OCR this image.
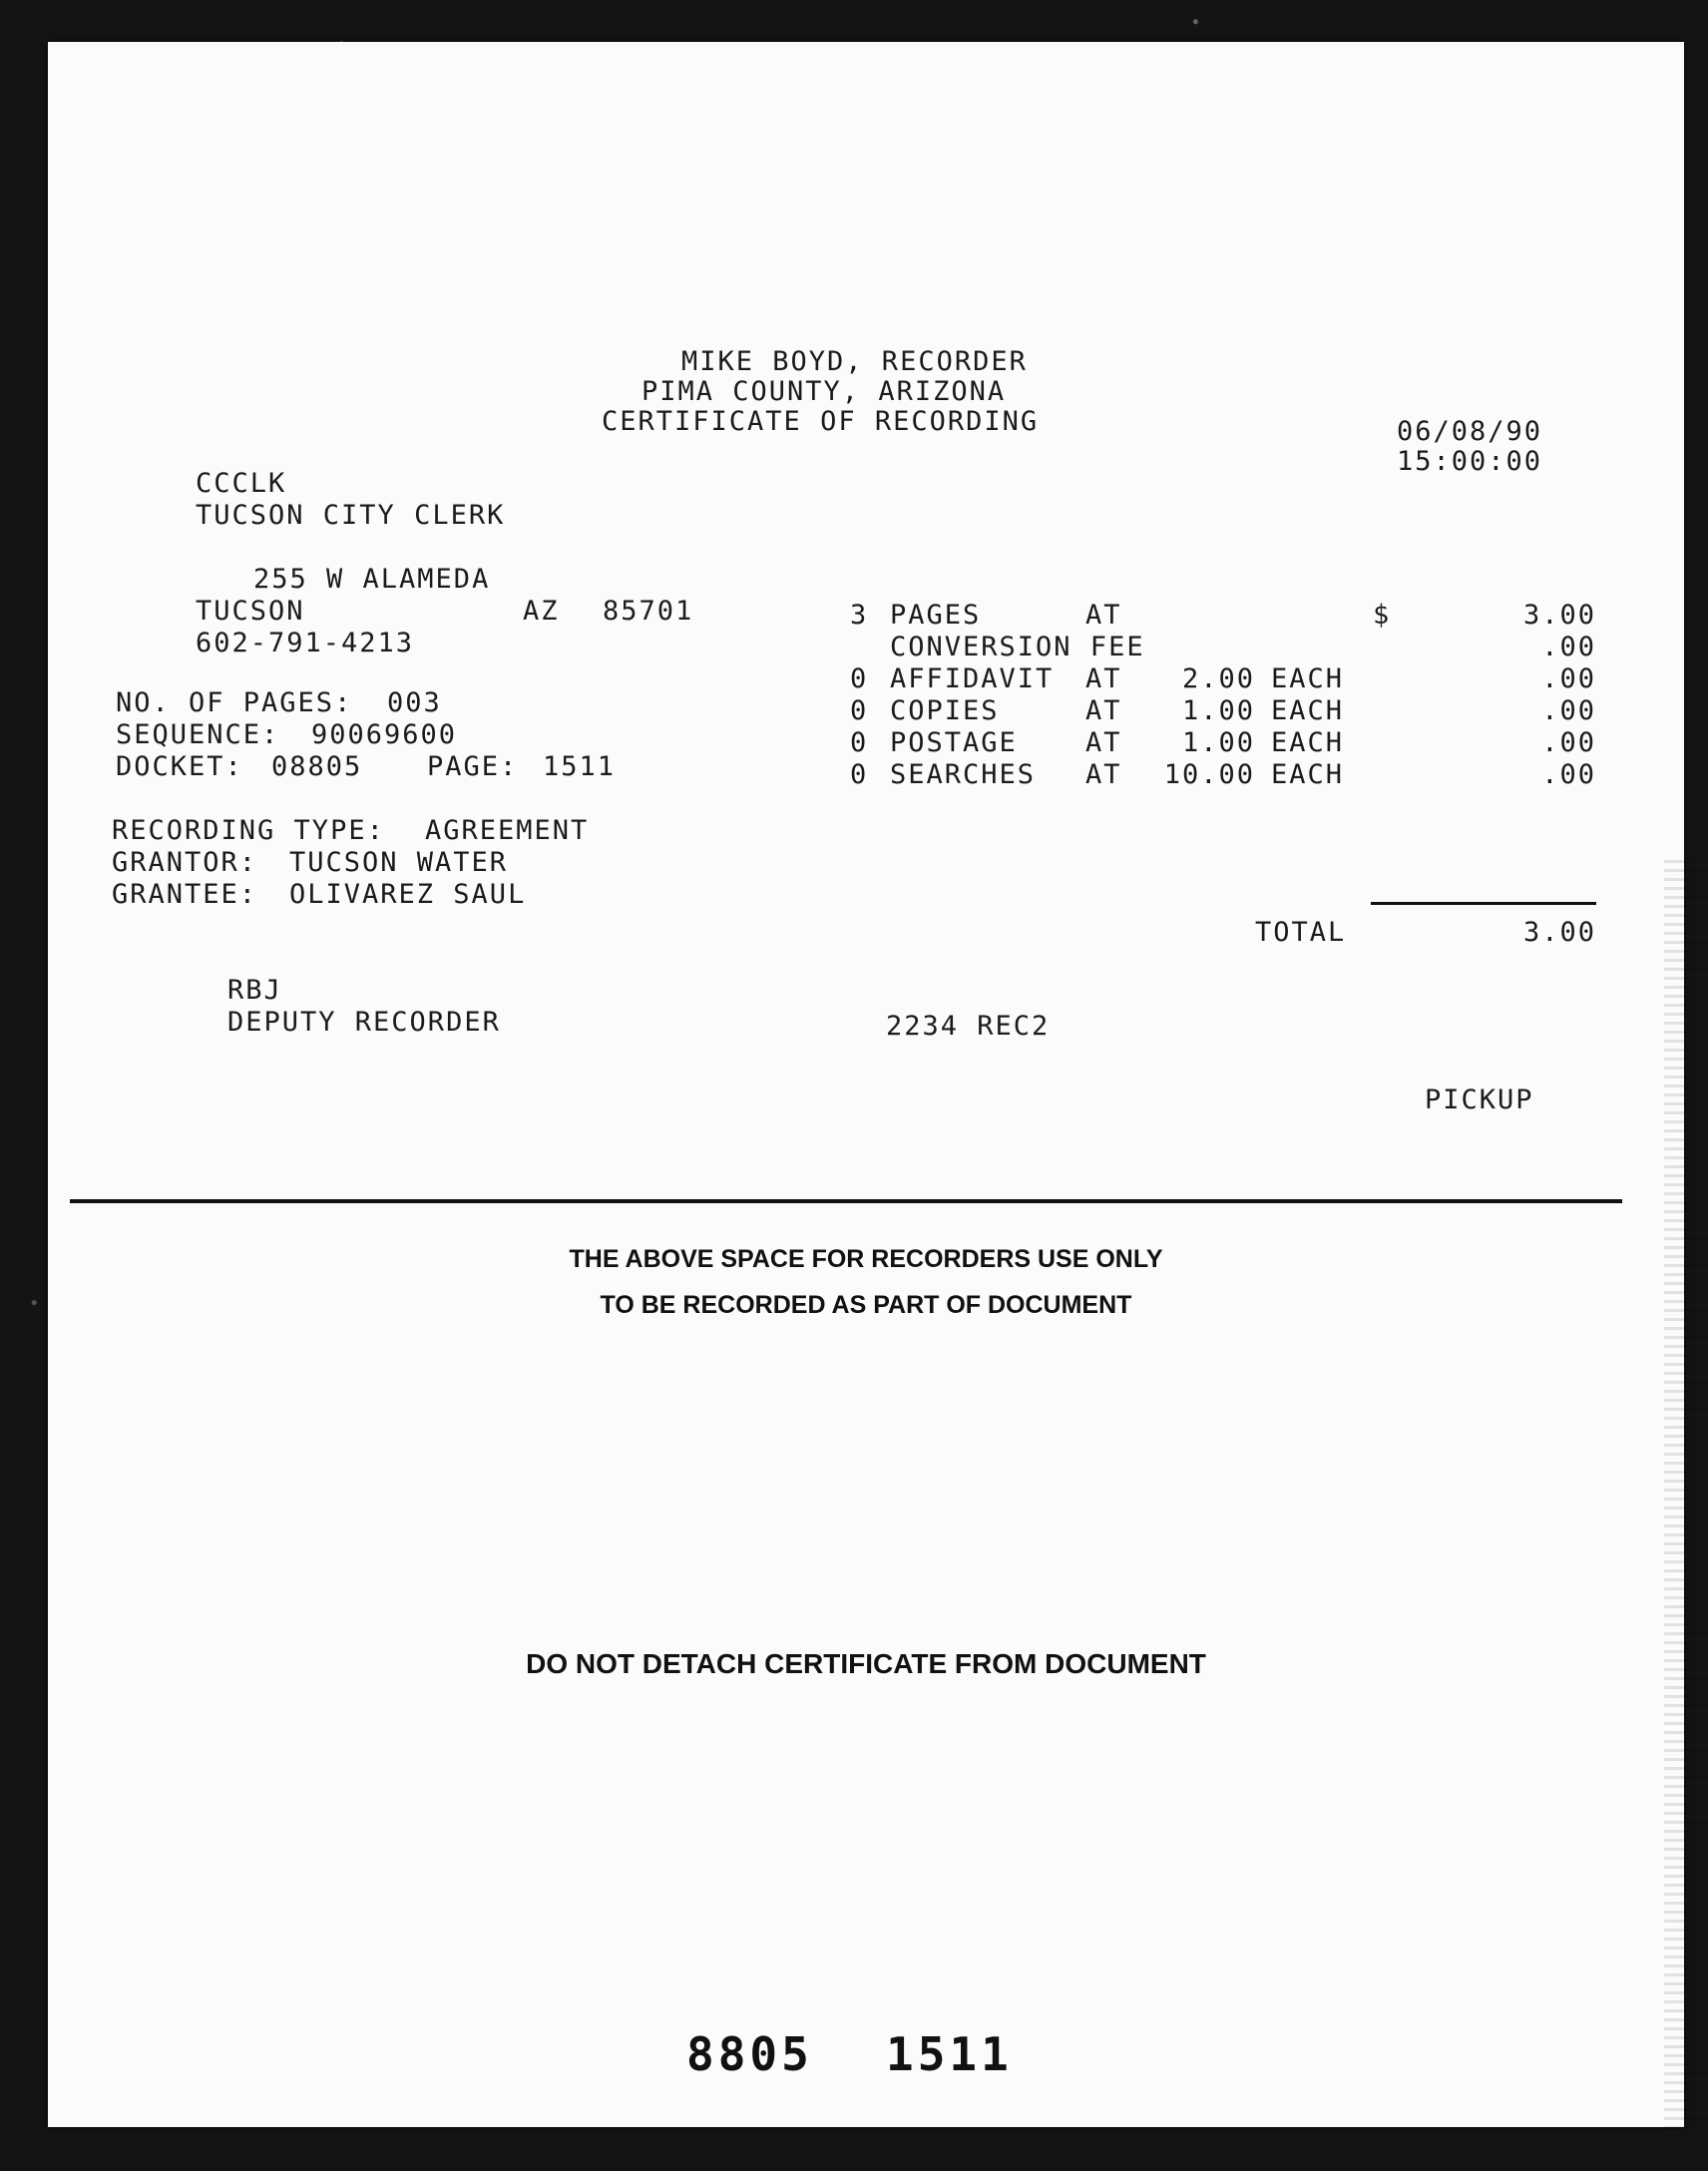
MIKE BOYD, RECORDER
PIMA COUNTY, ARIZONA
CERTIFICATE OF RECORDING	06/08/90
15:00:00
CCCLK
TUCSON CITY CLERK
255 W ALAMEDA
TUCSON	AZ 85701
602-791-4213
NO. OF PAGES: 003
SEQUENCE: 90069600
DOCKET: 08805 PAGE: 1511
RECORDING TYPE: AGREEMENT
GRANTOR: TUCSON WATER
GRANTEE: OLIVAREZ SAUL
3 PAGES	AT	$	3.00
CONVERSION FEE	.00
0 AFFIDAVIT AT	2.00 EACH	.00
0 COPIES	AT	1.00 EACH	.00
0 POSTAGE	AT	1.00 EACH	.00
0 SEARCHES AT	10.00 EACH	.00
TOTAL	3.00
RBJ
DEPUTY RECORDER	2234 REC2
PICKUP
THE ABOVE SPACE FOR RECORDERS USE ONLY
TO BE RECORDED AS PART OF DOCUMENT
DO NOT DETACH CERTIFICATE FROM DOCUMENT
8805 1511
